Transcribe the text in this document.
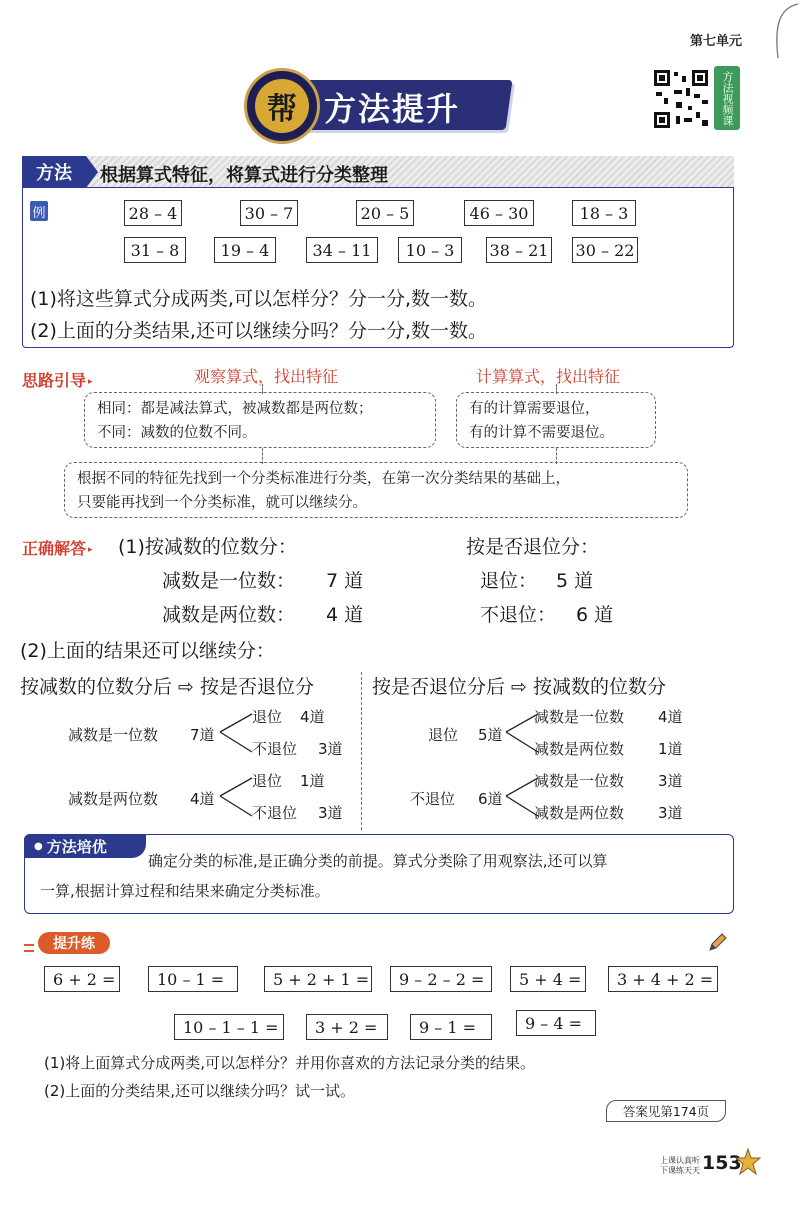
第七单元
方法提升
帮	方法视频课
方法	根据算式特征，将算式进行分类整理
例	28 – 4	30 – 7	20 – 5	46 – 30	18 – 3
31 – 8	19 – 4	34 – 11	10 – 3	38 – 21 30 – 22
(1)将这些算式分成两类,可以怎样分？分一分,数一数。
(2)上面的分类结果,还可以继续分吗？分一分,数一数。
思路引导 ▸	观察算式，找出特征	计算算式，找出特征
相同：都是减法算式，被减数都是两位数；
不同：减数的位数不同。
有的计算需要退位，
有的计算不需要退位。
根据不同的特征先找到一个分类标准进行分类，在第一次分类结果的基础上，
只要能再找到一个分类标准，就可以继续分。
正确解答 ▸ (1)按减数的位数分：	按是否退位分：
减数是一位数： 7 道
减数是两位数： 4 道
退位： 5 道
不退位： 6 道
(2)上面的结果还可以继续分：
按减数的位数分后 ⇨ 按是否退位分	按是否退位分后 ⇨ 按减数的位数分
减数是一位数 7道
退位 4道
不退位 3道
减数是两位数 4道
退位 1道
不退位 3道
退位 5道
减数是一位数 4道
减数是两位数 1道
不退位 6道
减数是一位数 3道
减数是两位数 3道
● 方法培优
确定分类的标准,是正确分类的前提。算式分类除了用观察法,还可以算
一算,根据计算过程和结果来确定分类标准。
提升练
6 + 2 =	10 – 1 =	5 + 2 + 1 =	9 – 2 – 2 =	5 + 4 =	3 + 4 + 2 =
10 – 1 – 1 =	3 + 2 =	9 – 1 =	9 – 4 =
(1)将上面算式分成两类,可以怎样分？并用你喜欢的方法记录分类的结果。
(2)上面的分类结果,还可以继续分吗？试一试。
答案见第174页
上课认真听
下课练天天 153
